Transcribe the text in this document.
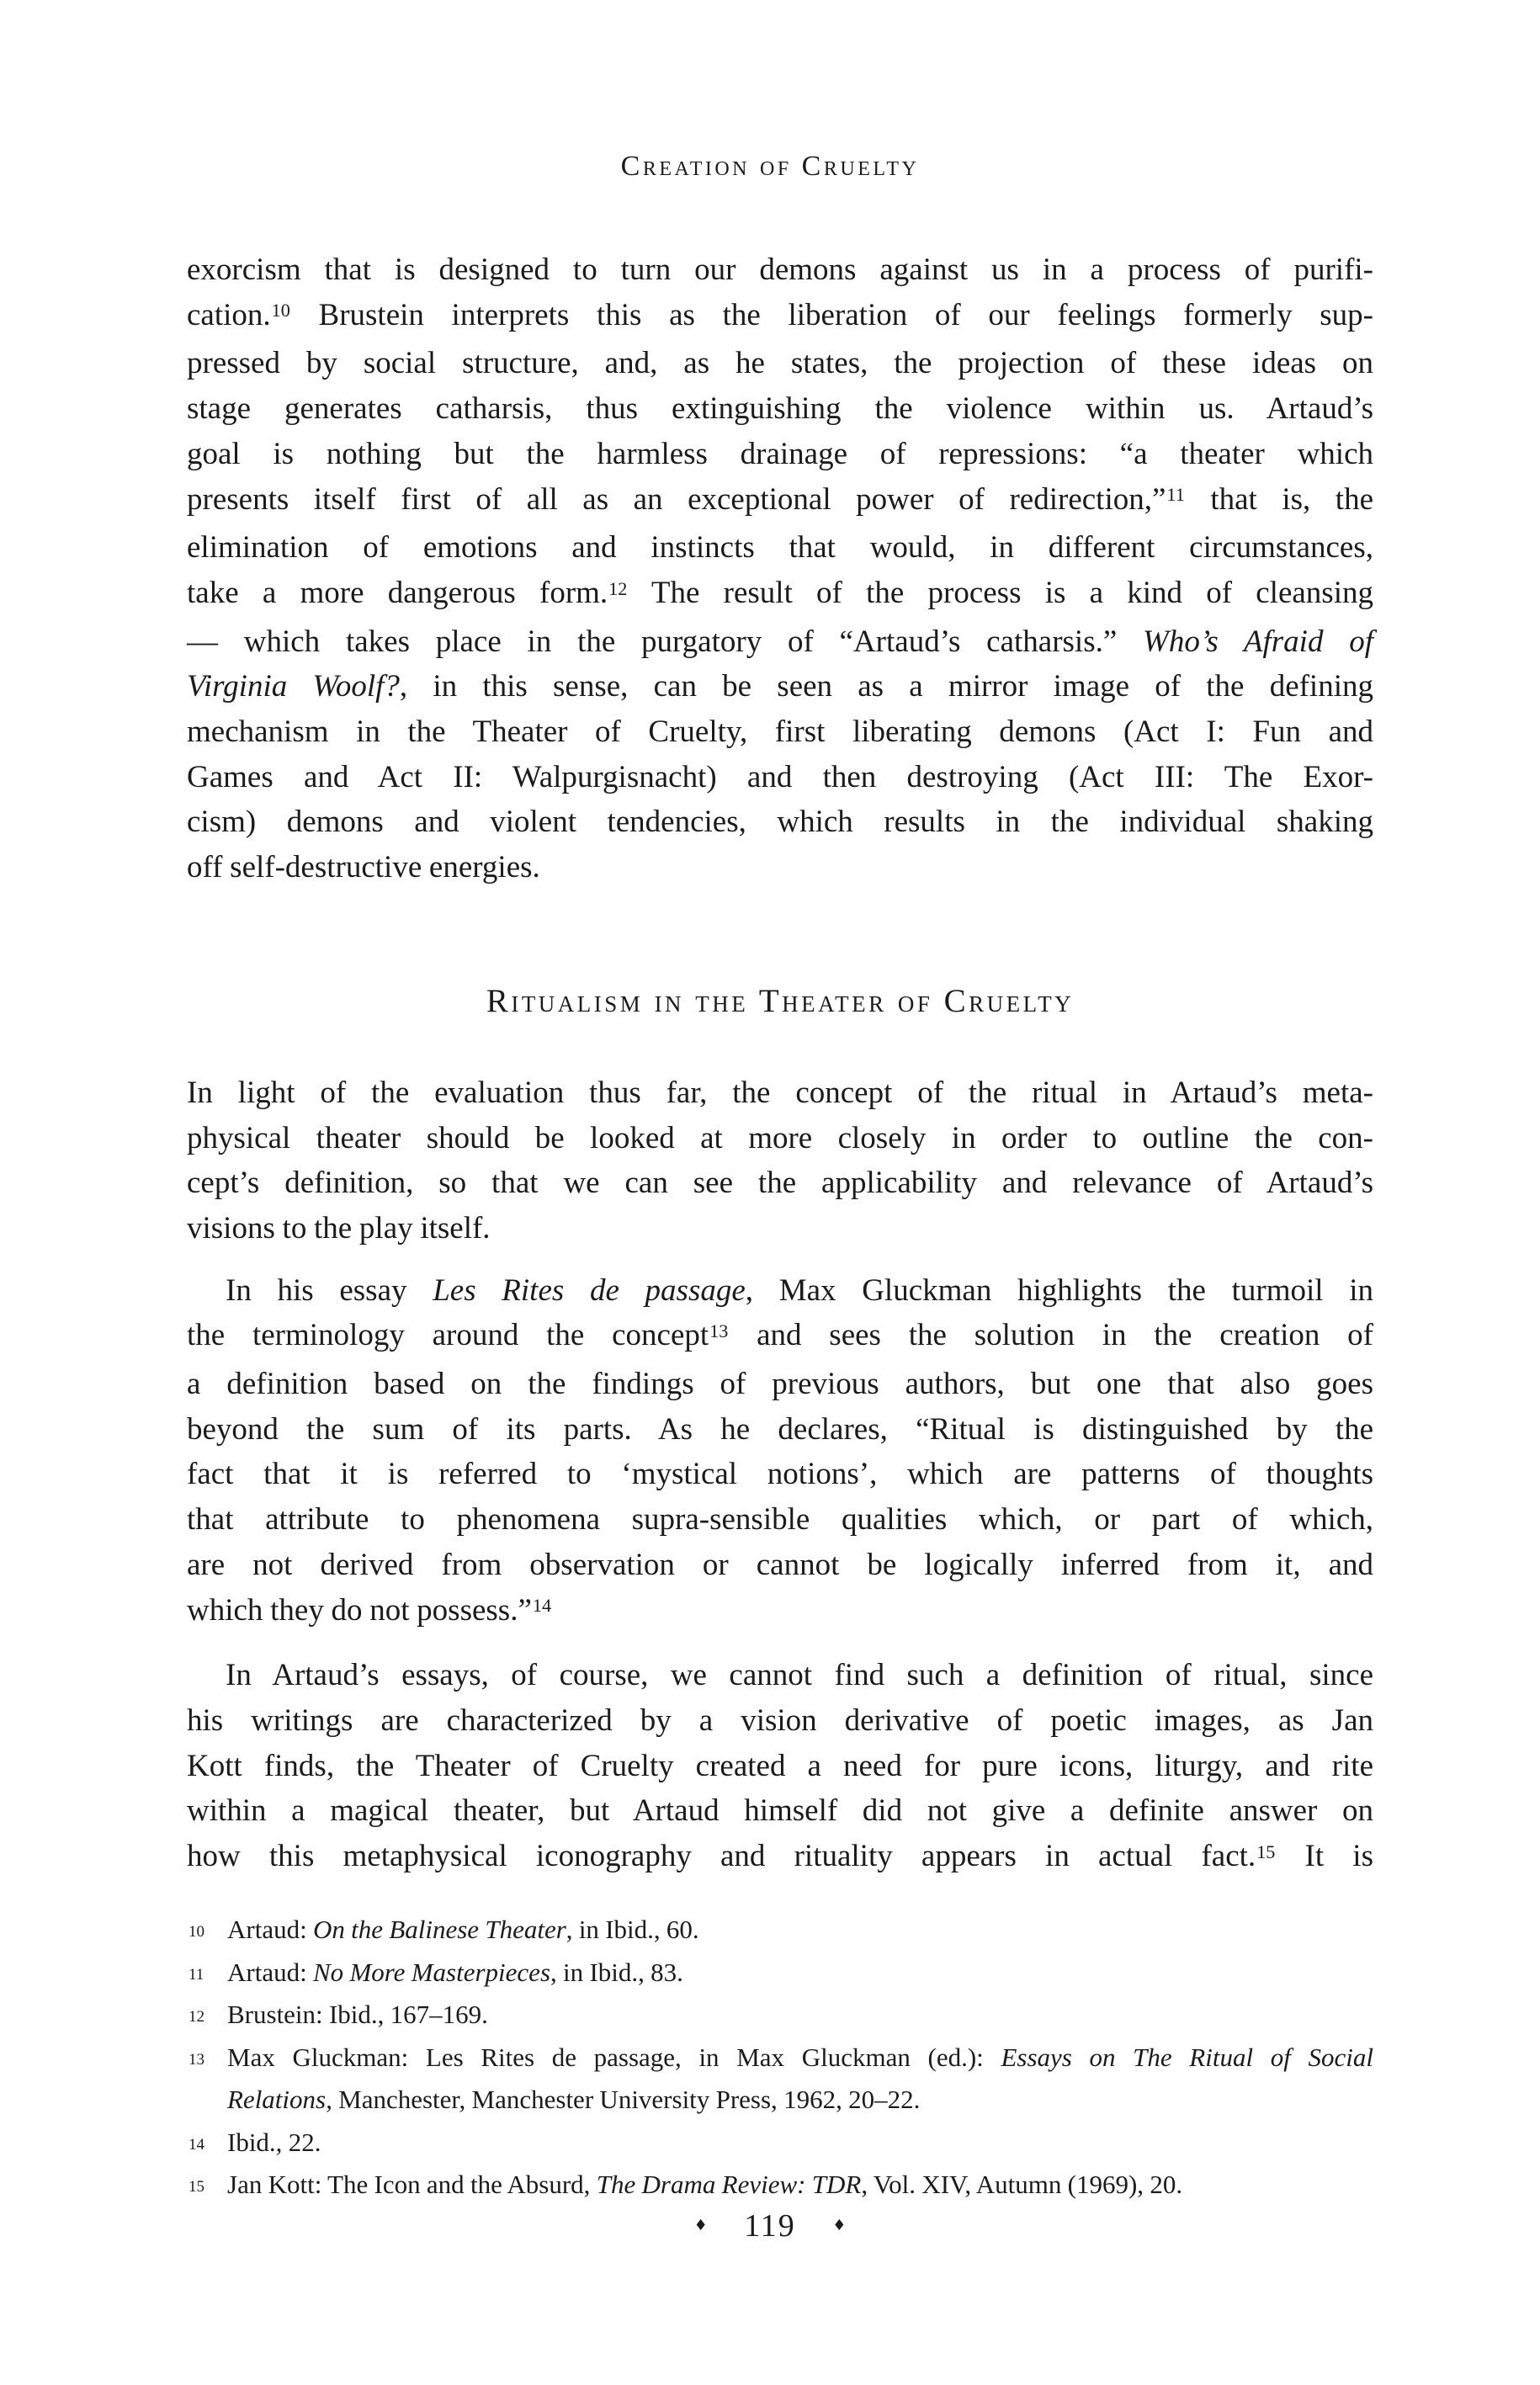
Creation of Cruelty
exorcism that is designed to turn our demons against us in a process of purifi-
cation.$^{10}$ Brustein interprets this as the liberation of our feelings formerly sup-
pressed by social structure, and, as he states, the projection of these ideas on
stage generates catharsis, thus extinguishing the violence within us. Artaud’s
goal is nothing but the harmless drainage of repressions: “a theater which
presents itself first of all as an exceptional power of redirection,”$^{11}$ that is, the
elimination of emotions and instincts that would, in different circumstances,
take a more dangerous form.$^{12}$ The result of the process is a kind of cleansing
— which takes place in the purgatory of “Artaud’s catharsis.” Who’s Afraid of
Virginia Woolf?, in this sense, can be seen as a mirror image of the defining
mechanism in the Theater of Cruelty, first liberating demons (Act I: Fun and
Games and Act II: Walpurgisnacht) and then destroying (Act III: The Exor-
cism) demons and violent tendencies, which results in the individual shaking
off self-destructive energies.
Ritualism in the Theater of Cruelty
In light of the evaluation thus far, the concept of the ritual in Artaud’s meta-
physical theater should be looked at more closely in order to outline the con-
cept’s definition, so that we can see the applicability and relevance of Artaud’s
visions to the play itself.
In his essay Les Rites de passage, Max Gluckman highlights the turmoil in
the terminology around the concept$^{13}$ and sees the solution in the creation of
a definition based on the findings of previous authors, but one that also goes
beyond the sum of its parts. As he declares, “Ritual is distinguished by the
fact that it is referred to ‘mystical notions’, which are patterns of thoughts
that attribute to phenomena supra-sensible qualities which, or part of which,
are not derived from observation or cannot be logically inferred from it, and
which they do not possess.”$^{14}$
In Artaud’s essays, of course, we cannot find such a definition of ritual, since
his writings are characterized by a vision derivative of poetic images, as Jan
Kott finds, the Theater of Cruelty created a need for pure icons, liturgy, and rite
within a magical theater, but Artaud himself did not give a definite answer on
how this metaphysical iconography and rituality appears in actual fact.$^{15}$ It is
10 Artaud: On the Balinese Theater, in Ibid., 60.
11 Artaud: No More Masterpieces, in Ibid., 83.
12 Brustein: Ibid., 167–169.
13 Max Gluckman: Les Rites de passage, in Max Gluckman (ed.): Essays on The Ritual of Social
Relations, Manchester, Manchester University Press, 1962, 20–22.
14 Ibid., 22.
15 Jan Kott: The Icon and the Absurd, The Drama Review: TDR, Vol. XIV, Autumn (1969), 20.
♦ 119 ♦
